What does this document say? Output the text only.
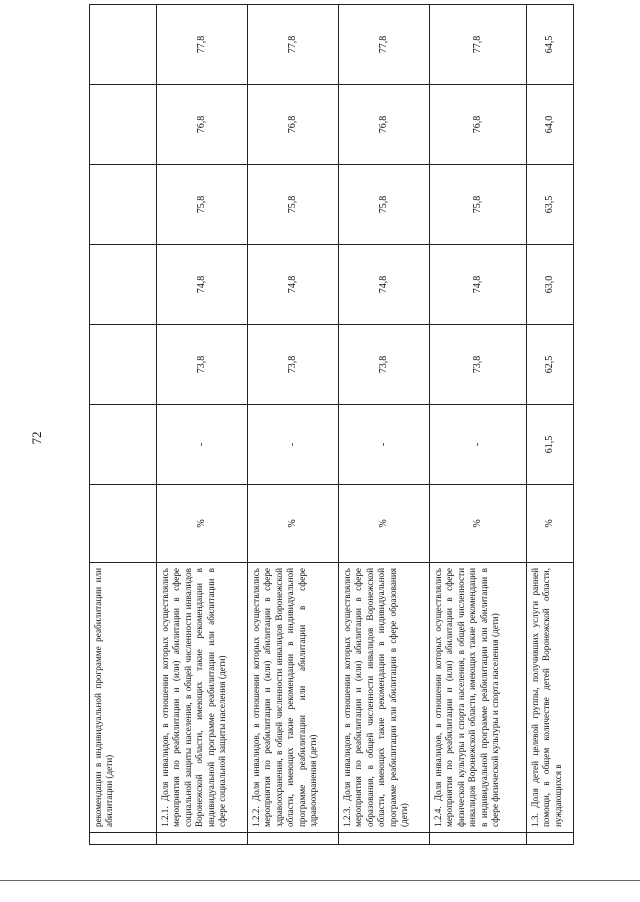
72
	рекомендации в индивидуальной программе реабилитации или абилитации (дети)							
	1.2.1. Доля инвалидов, в отношении которых осуществлялись мероприятия по реабилитации и (или) абилитации в сфере социальной защиты населения, в общей численности инвалидов Воронежской области, имеющих такие рекомендации в индивидуальной программе реабилитации или абилитации в сфере социальной защиты населения (дети)	%	-	73,8	74,8	75,8	76,8	77,8
	1.2.2. Доля инвалидов, в отношении которых осуществлялись мероприятия по реабилитации и (или) абилитации в сфере здравоохранения, в общей численности инвалидов Воронежской области, имеющих такие рекомендации в индивидуальной программе реабилитации или абилитации в сфере здравоохранения (дети)	%	-	73,8	74,8	75,8	76,8	77,8
	1.2.3. Доля инвалидов, в отношении которых осуществлялись мероприятия по реабилитации и (или) абилитации в сфере образования, в общей численности инвалидов Воронежской области, имеющих такие рекомендации в индивидуальной программе реабилитации или абилитации в сфере образования (дети)	%	-	73,8	74,8	75,8	76,8	77,8
	1.2.4. Доля инвалидов, в отношении которых осуществлялись мероприятия по реабилитации и (или) абилитации в сфере физической культуры и спорта населения, в общей численности инвалидов Воронежской области, имеющих такие рекомендации в индивидуальной программе реабилитации или абилитации в сфере физической культуры и спорта населения (дети)	%	-	73,8	74,8	75,8	76,8	77,8
	1.3. Доля детей целевой группы, получивших услуги ранней помощи, в общем количестве детей Воронежской области, нуждающихся в	%	61,5	62,5	63,0	63,5	64,0	64,5
